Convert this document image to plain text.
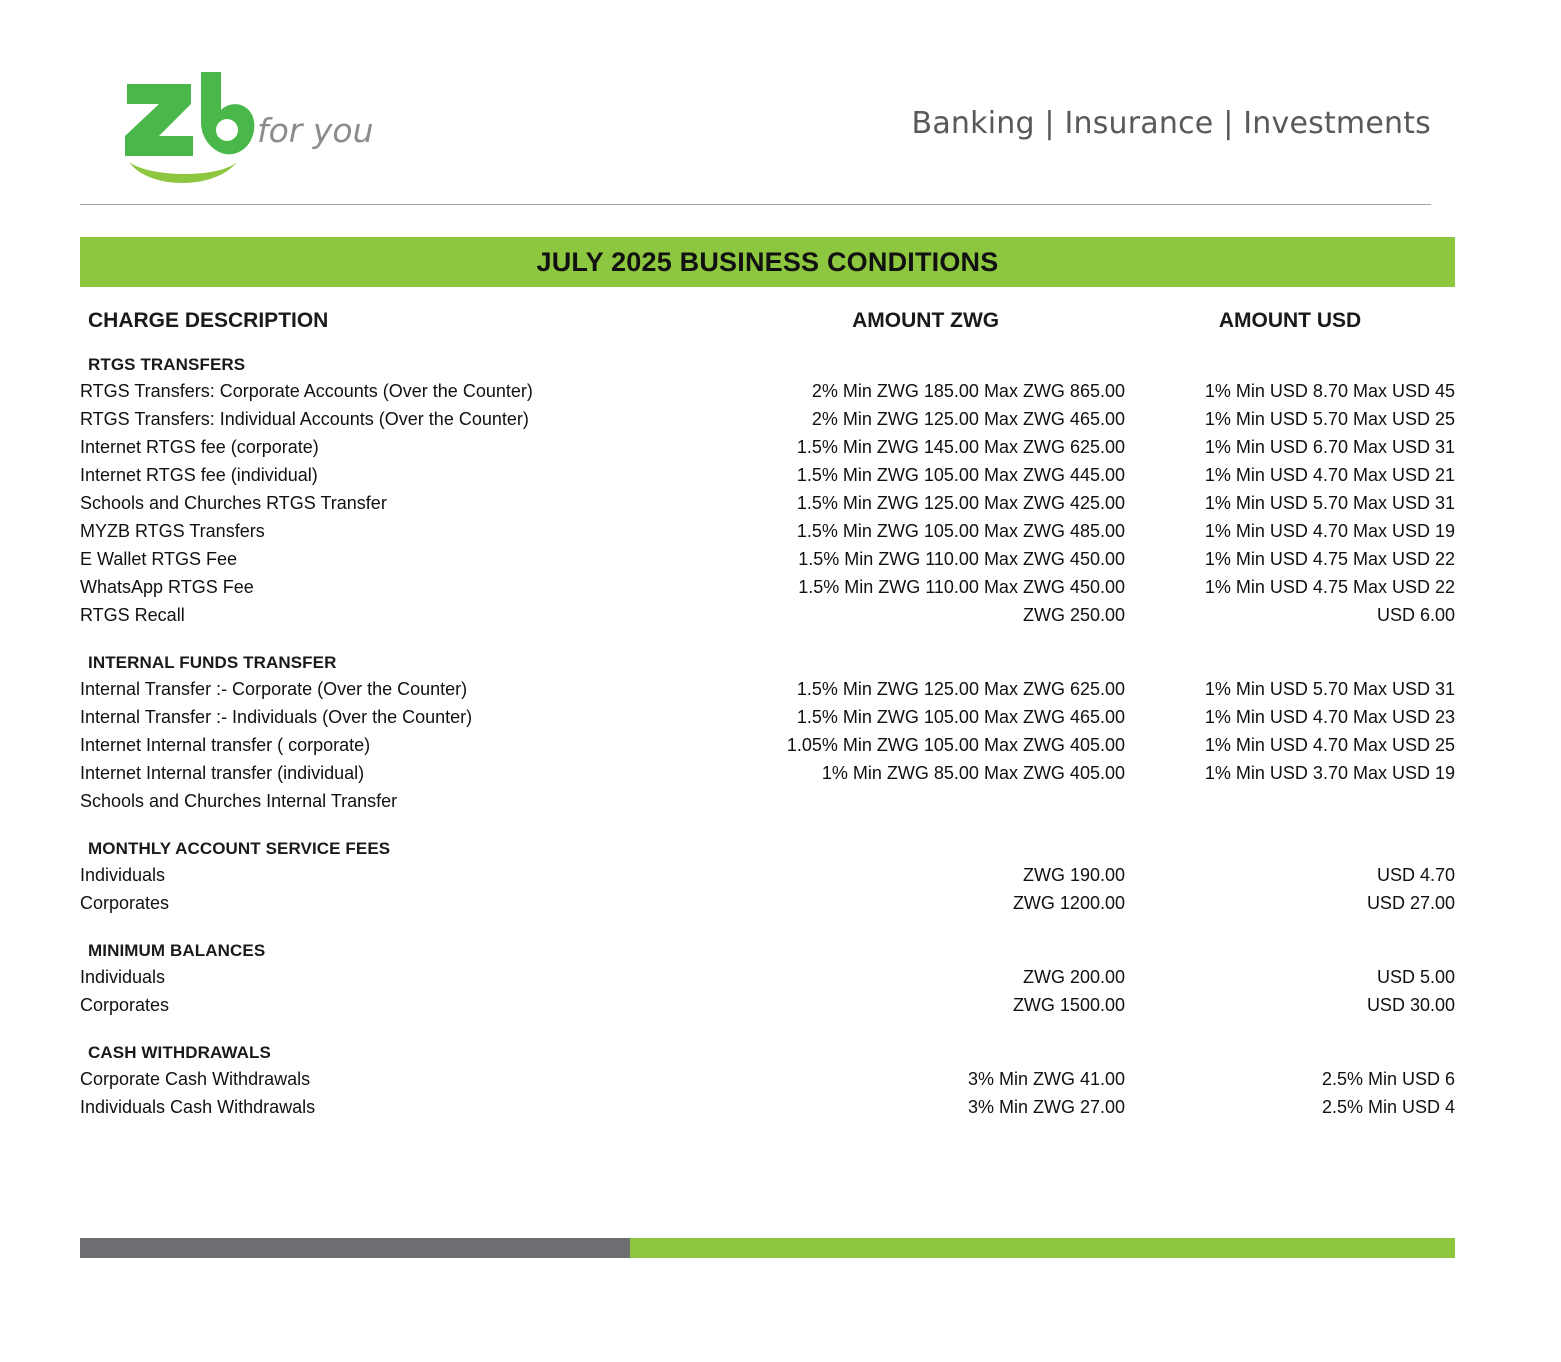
for you	Banking | Insurance | Investments
JULY 2025 BUSINESS CONDITIONS
CHARGE DESCRIPTION	AMOUNT ZWG	AMOUNT USD
RTGS TRANSFERS		
RTGS Transfers: Corporate Accounts (Over the Counter)	2% Min ZWG 185.00 Max ZWG 865.00	1% Min USD 8.70 Max USD 45
RTGS Transfers: Individual Accounts (Over the Counter)	2% Min ZWG 125.00 Max ZWG 465.00	1% Min USD 5.70 Max USD 25
Internet RTGS fee (corporate)	1.5% Min ZWG 145.00 Max ZWG 625.00	1% Min USD 6.70 Max USD 31
Internet RTGS fee (individual)	1.5% Min ZWG 105.00 Max ZWG 445.00	1% Min USD 4.70 Max USD 21
Schools and Churches RTGS Transfer	1.5% Min ZWG 125.00 Max ZWG 425.00	1% Min USD 5.70 Max USD 31
MYZB RTGS Transfers	1.5% Min ZWG 105.00 Max ZWG 485.00	1% Min USD 4.70 Max USD 19
E Wallet RTGS Fee	1.5% Min ZWG 110.00 Max ZWG 450.00	1% Min USD 4.75 Max USD 22
WhatsApp RTGS Fee	1.5% Min ZWG 110.00 Max ZWG 450.00	1% Min USD 4.75 Max USD 22
RTGS Recall	ZWG 250.00	USD 6.00

INTERNAL FUNDS TRANSFER		
Internal Transfer :- Corporate (Over the Counter)	1.5% Min ZWG 125.00 Max ZWG 625.00	1% Min USD 5.70 Max USD 31
Internal Transfer :- Individuals (Over the Counter)	1.5% Min ZWG 105.00 Max ZWG 465.00	1% Min USD 4.70 Max USD 23
Internet Internal transfer ( corporate)	1.05% Min ZWG 105.00 Max ZWG 405.00	1% Min USD 4.70 Max USD 25
Internet Internal transfer (individual)	1% Min ZWG 85.00 Max ZWG 405.00	1% Min USD 3.70 Max USD 19
Schools and Churches Internal Transfer		

MONTHLY ACCOUNT SERVICE FEES		
Individuals	ZWG 190.00	USD 4.70
Corporates	ZWG 1200.00	USD 27.00

MINIMUM BALANCES		
Individuals	ZWG 200.00	USD 5.00
Corporates	ZWG 1500.00	USD 30.00

CASH WITHDRAWALS		
Corporate Cash Withdrawals	3% Min ZWG 41.00	2.5% Min USD 6
Individuals Cash Withdrawals	3% Min ZWG 27.00	2.5% Min USD 4
